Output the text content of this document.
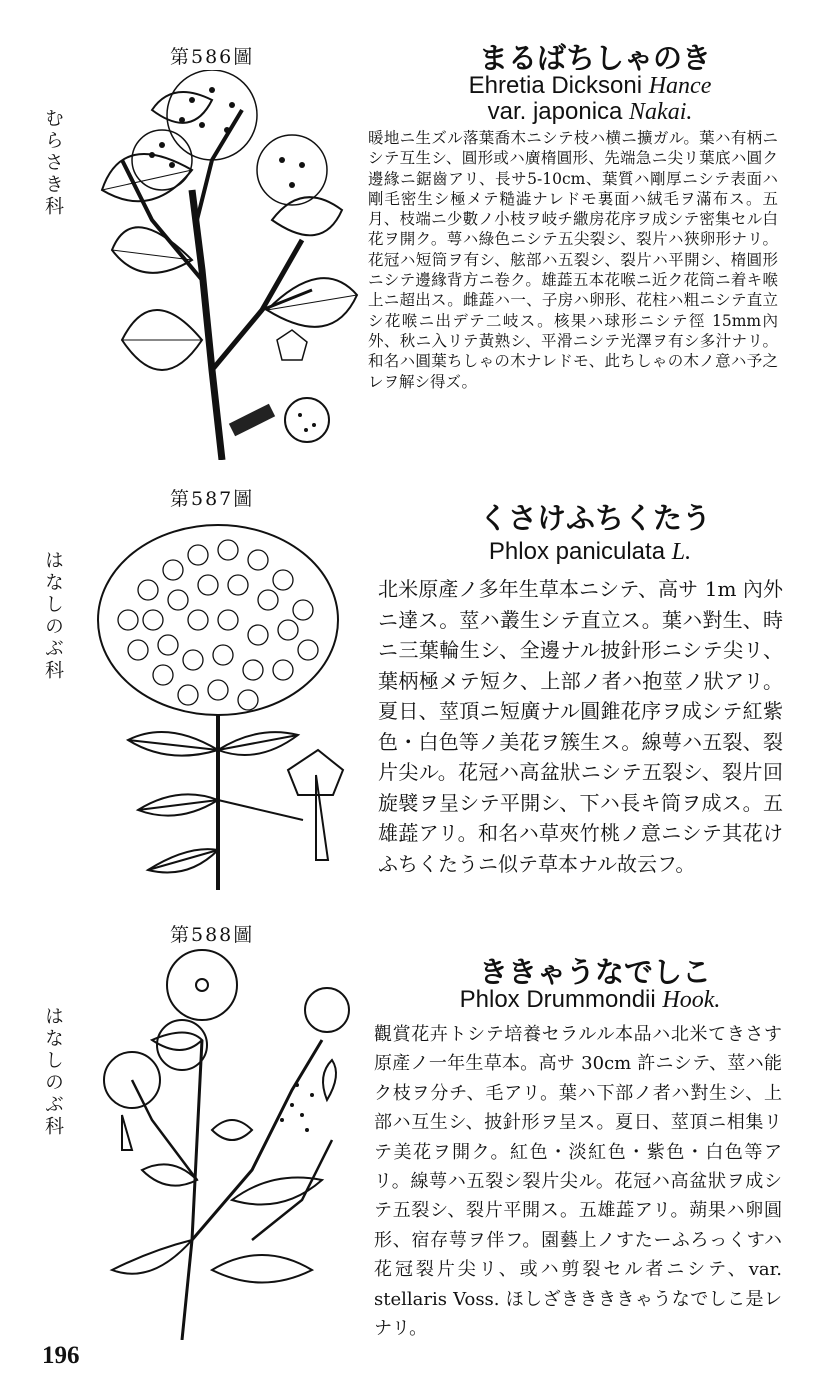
第586圖
むらさき科
まるばちしゃのき
Ehretia Dicksoni Hance
var. japonica Nakai.

暖地ニ生ズル落葉喬木ニシテ枝ハ横ニ擴ガル。葉ハ有柄ニシテ互生シ、圓形或ハ廣楕圓形、先端急ニ尖リ葉底ハ圓ク邊緣ニ鋸齒アリ、長サ5-10cm、葉質ハ剛厚ニシテ表面ハ剛毛密生シ極メテ糙澁ナレドモ裏面ハ絨毛ヲ滿布ス。五月、枝端ニ少數ノ小枝ヲ岐チ繖房花序ヲ成シテ密集セル白花ヲ開ク。萼ハ綠色ニシテ五尖裂シ、裂片ハ狹卵形ナリ。花冠ハ短筒ヲ有シ、舷部ハ五裂シ、裂片ハ平開シ、楕圓形ニシテ邊緣背方ニ卷ク。雄蕋五本花喉ニ近ク花筒ニ着キ喉上ニ超出ス。雌蕋ハ一、子房ハ卵形、花柱ハ粗ニシテ直立シ花喉ニ出デテ二岐ス。核果ハ球形ニシテ徑 15mm內外、秋ニ入リテ黃熟シ、平滑ニシテ光澤ヲ有シ多汁ナリ。和名ハ圓葉ちしゃの木ナレドモ、此ちしゃの木ノ意ハ予之レヲ解シ得ズ。

第587圖
はなしのぶ科
くさけふちくたう
Phlox paniculata L.

北米原產ノ多年生草本ニシテ、高サ 1m 內外ニ達ス。莖ハ叢生シテ直立ス。葉ハ對生、時ニ三葉輪生シ、全邊ナル披針形ニシテ尖リ、葉柄極メテ短ク、上部ノ者ハ抱莖ノ狀アリ。夏日、莖頂ニ短廣ナル圓錐花序ヲ成シテ紅紫色・白色等ノ美花ヲ簇生ス。線萼ハ五裂、裂片尖ル。花冠ハ高盆狀ニシテ五裂シ、裂片回旋襞ヲ呈シテ平開シ、下ハ長キ筒ヲ成ス。五雄蕋アリ。和名ハ草夾竹桃ノ意ニシテ其花けふちくたうニ似テ草本ナル故云フ。

第588圖
はなしのぶ科
ききゃうなでしこ
Phlox Drummondii Hook.

觀賞花卉トシテ培養セラルル本品ハ北米てきさす原產ノ一年生草本。高サ 30cm 許ニシテ、莖ハ能ク枝ヲ分チ、毛アリ。葉ハ下部ノ者ハ對生シ、上部ハ互生シ、披針形ヲ呈ス。夏日、莖頂ニ相集リテ美花ヲ開ク。紅色・淡紅色・紫色・白色等アリ。線萼ハ五裂シ裂片尖ル。花冠ハ高盆狀ヲ成シテ五裂シ、裂片平開ス。五雄蕋アリ。蒴果ハ卵圓形、宿存萼ヲ伴フ。園藝上ノすたーふろっくすハ花冠裂片尖リ、或ハ剪裂セル者ニシテ、var. stellaris Voss. ほしざききききゃうなでしこ是レナリ。

196
